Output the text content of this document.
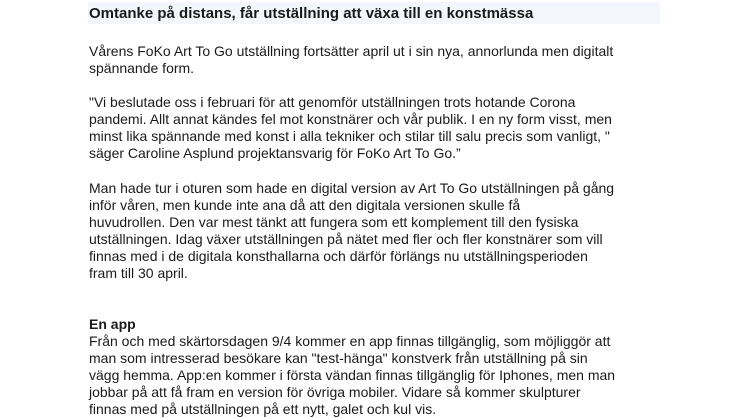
Omtanke på distans, får utställning att växa till en konstmässa

Vårens FoKo Art To Go utställning fortsätter april ut i sin nya, annorlunda men digitalt
spännande form.

"Vi beslutade oss i februari för att genomför utställningen trots hotande Corona
pandemi. Allt annat kändes fel mot konstnärer och vår publik. I en ny form visst, men
minst lika spännande med konst i alla tekniker och stilar till salu precis som vanligt, "
säger Caroline Asplund projektansvarig för FoKo Art To Go.”

Man hade tur i oturen som hade en digital version av Art To Go utställningen på gång
inför våren, men kunde inte ana då att den digitala versionen skulle få
huvudrollen. Den var mest tänkt att fungera som ett komplement till den fysiska
utställningen. Idag växer utställningen på nätet med fler och fler konstnärer som vill
finnas med i de digitala konsthallarna och därför förlängs nu utställningsperioden
fram till 30 april.

En app

Från och med skärtorsdagen 9/4 kommer en app finnas tillgänglig, som möjliggör att
man som intresserad besökare kan "test-hänga" konstverk från utställning på sin
vägg hemma. App:en kommer i första vändan finnas tillgänglig för Iphones, men man
jobbar på att få fram en version för övriga mobiler. Vidare så kommer skulpturer
finnas med på utställningen på ett nytt, galet och kul vis.
